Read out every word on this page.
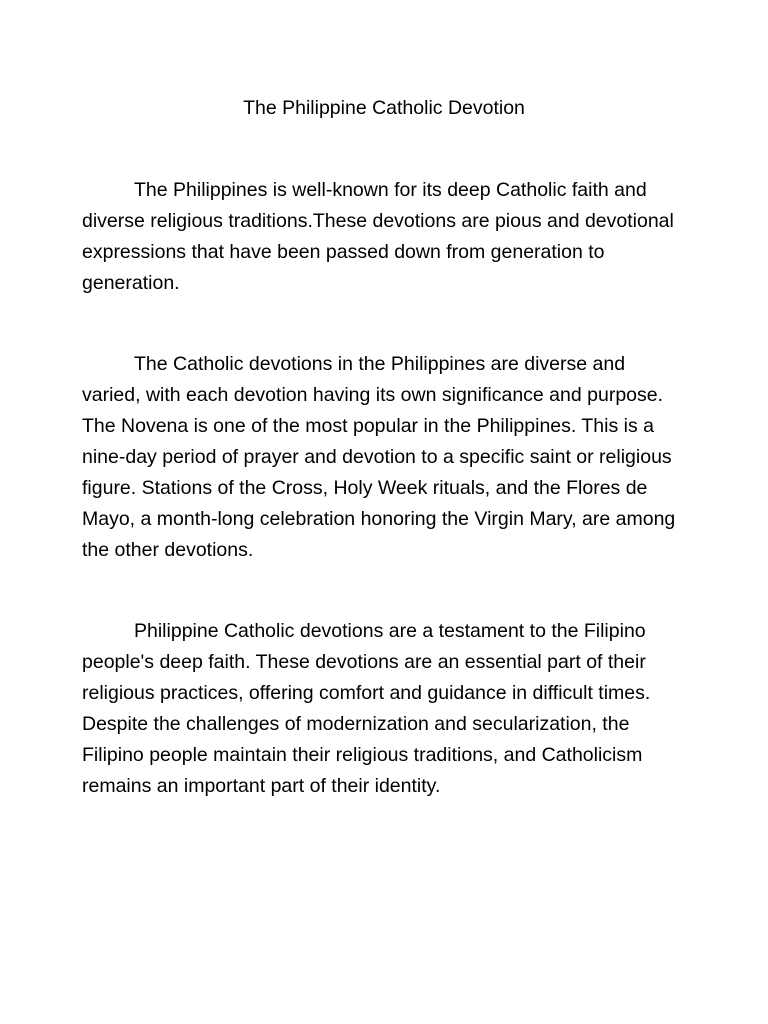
The Philippine Catholic Devotion

The Philippines is well-known for its deep Catholic faith and diverse religious traditions.These devotions are pious and devotional expressions that have been passed down from generation to generation.

The Catholic devotions in the Philippines are diverse and varied, with each devotion having its own significance and purpose. The Novena is one of the most popular in the Philippines. This is a nine-day period of prayer and devotion to a specific saint or religious figure. Stations of the Cross, Holy Week rituals, and the Flores de Mayo, a month-long celebration honoring the Virgin Mary, are among the other devotions.

Philippine Catholic devotions are a testament to the Filipino people's deep faith. These devotions are an essential part of their religious practices, offering comfort and guidance in difficult times. Despite the challenges of modernization and secularization, the Filipino people maintain their religious traditions, and Catholicism remains an important part of their identity.
